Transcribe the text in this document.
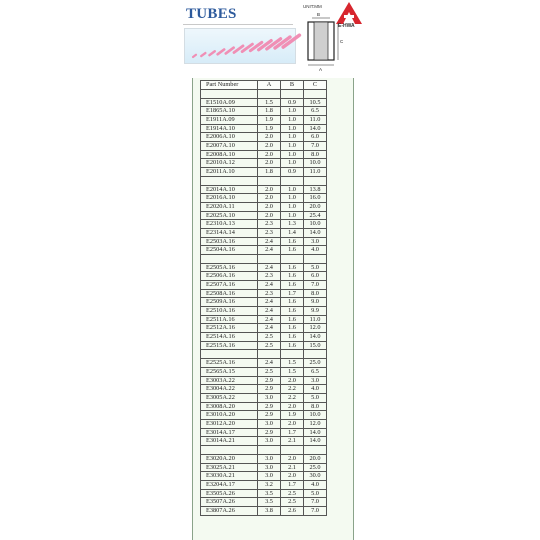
TUBES	UNIT:MM
B
C
A
E-HWA
Part Number	A	B	C

E1510A.09	1.5	0.9	10.5
E1865A.10	1.8	1.0	6.5
E1911A.09	1.9	1.0	11.0
E1914A.10	1.9	1.0	14.0
E2006A.10	2.0	1.0	6.0
E2007A.10	2.0	1.0	7.0
E2008A.10	2.0	1.0	8.0
E2010A.12	2.0	1.0	10.0
E2011A.10	1.8	0.9	11.0

E2014A.10	2.0	1.0	13.8
E2016A.10	2.0	1.0	16.0
E2020A.11	2.0	1.0	20.0
E2025A.10	2.0	1.0	25.4
E2310A.13	2.3	1.3	10.0
E2314A.14	2.3	1.4	14.0
E2503A.16	2.4	1.6	3.0
E2504A.16	2.4	1.6	4.0

E2505A.16	2.4	1.6	5.0
E2506A.16	2.3	1.6	6.0
E2507A.16	2.4	1.6	7.0
E2508A.16	2.3	1.7	8.0
E2509A.16	2.4	1.6	9.0
E2510A.16	2.4	1.6	9.9
E2511A.16	2.4	1.6	11.0
E2512A.16	2.4	1.6	12.0
E2514A.16	2.5	1.6	14.0
E2515A.16	2.5	1.6	15.0

E2525A.16	2.4	1.5	25.0
E2565A.15	2.5	1.5	6.5
E3003A.22	2.9	2.0	3.0
E3004A.22	2.9	2.2	4.0
E3005A.22	3.0	2.2	5.0
E3008A.20	2.9	2.0	8.0
E3010A.20	2.9	1.9	10.0
E3012A.20	3.0	2.0	12.0
E3014A.17	2.9	1.7	14.0
E3014A.21	3.0	2.1	14.0

E3020A.20	3.0	2.0	20.0
E3025A.21	3.0	2.1	25.0
E3030A.21	3.0	2.0	30.0
E3204A.17	3.2	1.7	4.0
E3505A.26	3.5	2.5	5.0
E3507A.26	3.5	2.5	7.0
E3807A.26	3.8	2.6	7.0
